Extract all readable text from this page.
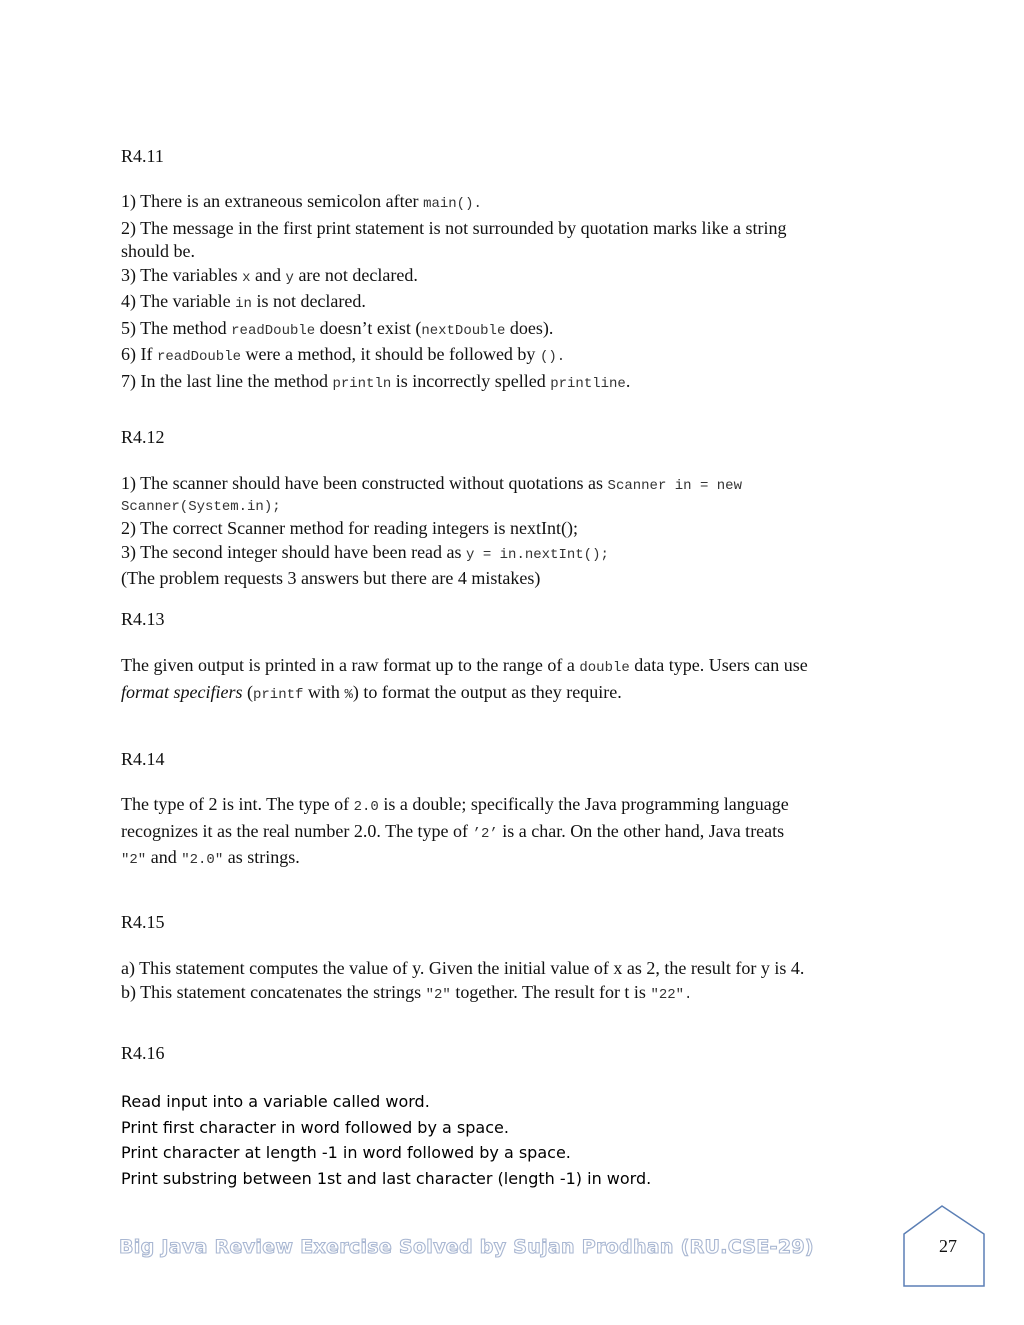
R4.11
1) There is an extraneous semicolon after main().
2) The message in the first print statement is not surrounded by quotation marks like a string
should be.
3) The variables x and y are not declared.
4) The variable in is not declared.
5) The method readDouble doesn’t exist (nextDouble does).
6) If readDouble were a method, it should be followed by ().
7) In the last line the method println is incorrectly spelled printline.
R4.12
1) The scanner should have been constructed without quotations as Scanner in = new
Scanner(System.in);
2) The correct Scanner method for reading integers is nextInt();
3) The second integer should have been read as y = in.nextInt();
(The problem requests 3 answers but there are 4 mistakes)
R4.13
The given output is printed in a raw format up to the range of a double data type. Users can use
format specifiers (printf with %) to format the output as they require.
R4.14
The type of 2 is int. The type of 2.0 is a double; specifically the Java programming language
recognizes it as the real number 2.0. The type of ’2’ is a char. On the other hand, Java treats
"2" and "2.0" as strings.
R4.15
a) This statement computes the value of y. Given the initial value of x as 2, the result for y is 4.
b) This statement concatenates the strings "2" together. The result for t is "22".
R4.16
Read input into a variable called word.
Print first character in word followed by a space.
Print character at length -1 in word followed by a space.
Print substring between 1st and last character (length -1) in word.
Big Java Review Exercise Solved by Sujan Prodhan (RU.CSE-29)	27
